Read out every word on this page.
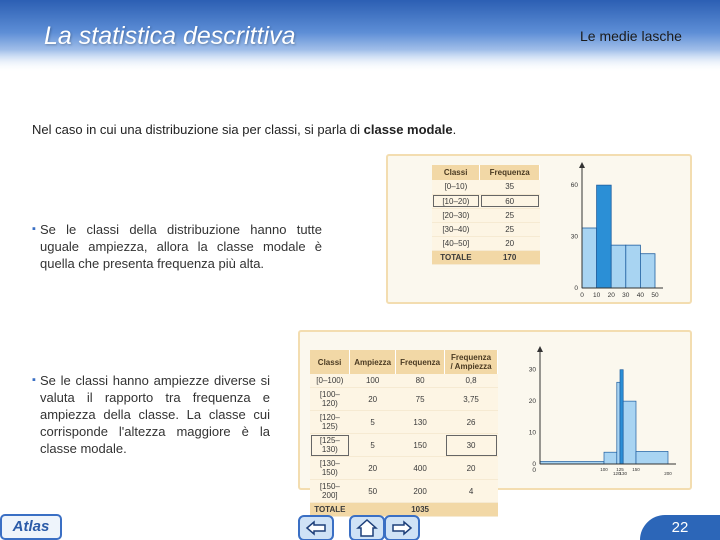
La statistica descrittiva	Le medie lasche
Nel caso in cui una distribuzione sia per classi, si parla di classe modale.
▪ Se le classi della distribuzione hanno tutte uguale ampiezza, allora la classe modale è quella che presenta frequenza più alta.
▪ Se le classi hanno ampiezze diverse si valuta il rapporto tra frequenza e ampiezza della classe. La classe cui corrisponde l'altezza maggiore è la classe modale.
Classi	Frequenza
[0–10)	35
[10–20)	60
[20–30)	25
[30–40)	25
[40–50]	20
TOTALE	170
0
30
60
0 10 20 30 40 50
Classi	Ampiezza	Frequenza	Frequenza / Ampiezza
[0–100)	100	80	0,8
[100–120)	20	75	3,75
[120–125)	5	130	26
[125–130)	5	150	30
[130–150)	20	400	20
[150–200]	50	200	4
TOTALE		1035	
0
10
20
30
0	100
120
125
130
150
200
Atlas	22
